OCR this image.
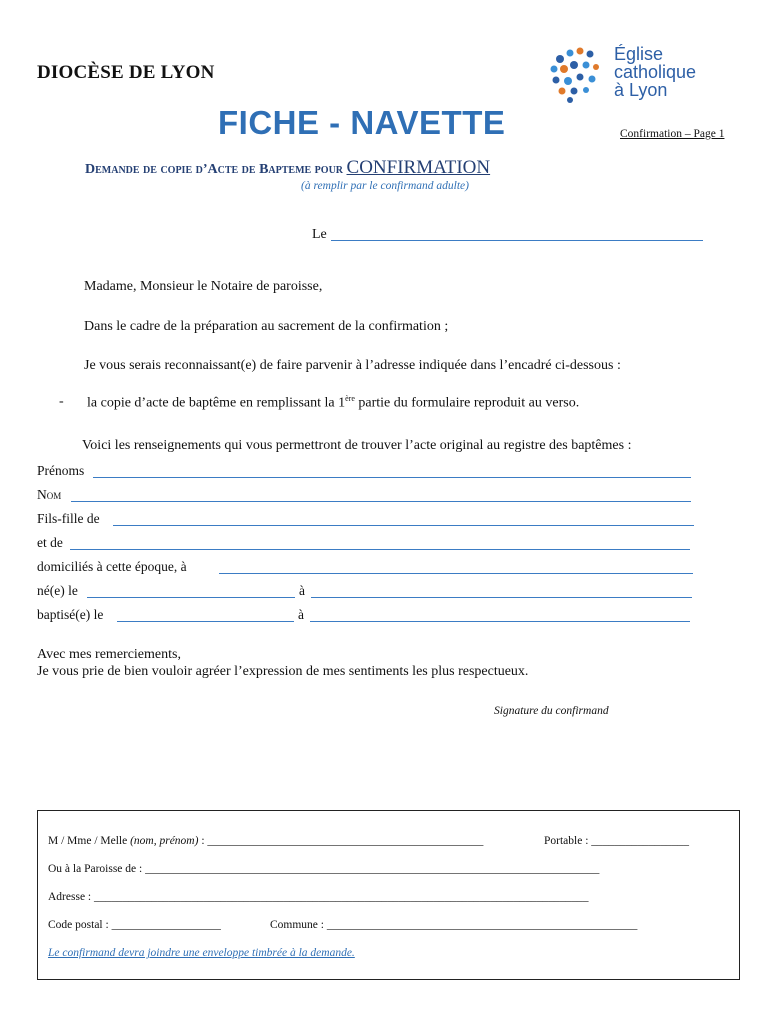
DIOCÈSE DE LYON
FICHE - NAVETTE	Confirmation – Page 1
Église
catholique
à Lyon
Demande de copie d’Acte de Bapteme pour CONFIRMATION
(à remplir par le confirmand adulte)
Le
Madame, Monsieur le Notaire de paroisse,
Dans le cadre de la préparation au sacrement de la confirmation ;
Je vous serais reconnaissant(e) de faire parvenir à l’adresse indiquée dans l’encadré ci-dessous :
- la copie d’acte de baptême en remplissant la 1ère partie du formulaire reproduit au verso.
Voici les renseignements qui vous permettront de trouver l’acte original au registre des baptêmes :
Prénoms
Nom
Fils-fille de
et de
domiciliés à cette époque, à
né(e) le	à
baptisé(e) le	à
Avec mes remerciements,
Je vous prie de bien vouloir agréer l’expression de mes sentiments les plus respectueux.
Signature du confirmand
M / Mme / Melle (nom, prénom) : ________________________________________________	Portable : _________________
Ou à la Paroisse de : _______________________________________________________________________________
Adresse : ______________________________________________________________________________________
Code postal : ___________________	Commune : ______________________________________________________
Le confirmand devra joindre une enveloppe timbrée à la demande.
